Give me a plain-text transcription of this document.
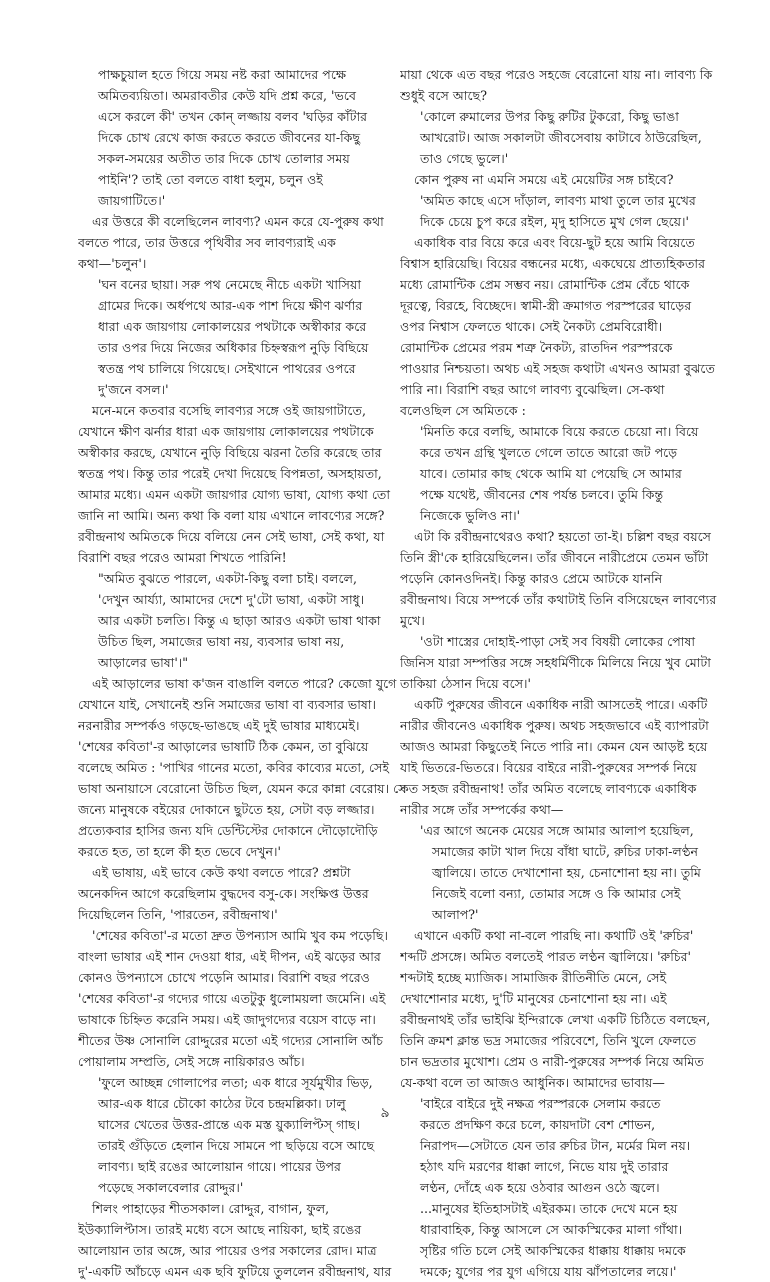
পাক্ষচুয়াল হতে গিয়ে সময় নষ্ট করা আমাদের পক্ষে
অমিতব্যয়িতা। অমরাবতীর কেউ যদি প্রশ্ন করে, 'ভবে
এসে করলে কী' তখন কোন্ লজ্জায় বলব 'ঘড়ির কাঁটার
দিকে চোখ রেখে কাজ করতে করতে জীবনের যা-কিছু
সকল-সময়ের অতীত তার দিকে চোখ তোলার সময়
পাইনি'? তাই তো বলতে বাধা হলুম, চলুন ওই
জায়গাটিতে।'
এর উত্তরে কী বলেছিলেন লাবণ্য? এমন করে যে-পুরুষ কথা
বলতে পারে, তার উত্তরে পৃথিবীর সব লাবণ্যরাই এক
কথা—'চলুন'।
'ঘন বনের ছায়া। সরু পথ নেমেছে নীচে একটা খাসিয়া
গ্রামের দিকে। অর্ধপথে আর-এক পাশ দিয়ে ক্ষীণ ঝর্ণার
ধারা এক জায়গায় লোকালয়ের পথটাকে অস্বীকার করে
তার ওপর দিয়ে নিজের অধিকার চিহ্নস্বরূপ নুড়ি বিছিয়ে
স্বতন্ত্র পথ চালিয়ে গিয়েছে। সেইখানে পাথরের ওপরে
দু'জনে বসল।'
মনে-মনে কতবার বসেছি লাবণ্যর সঙ্গে ওই জায়গাটাতে,
যেখানে ক্ষীণ ঝর্নার ধারা এক জায়গায় লোকালয়ের পথটাকে
অস্বীকার করছে, যেখানে নুড়ি বিছিয়ে ঝরনা তৈরি করেছে তার
স্বতন্ত্র পথ। কিন্তু তার পরেই দেখা দিয়েছে বিপন্নতা, অসহায়তা,
আমার মধ্যে। এমন একটা জায়গার যোগ্য ভাষা, যোগ্য কথা তো
জানি না আমি। অন্য কথা কি বলা যায় এখানে লাবণ্যের সঙ্গে?
রবীন্দ্রনাথ অমিতকে দিয়ে বলিয়ে নেন সেই ভাষা, সেই কথা, যা
বিরাশি বছর পরেও আমরা শিখতে পারিনি!
"অমিত বুঝতে পারলে, একটা-কিছু বলা চাই। বললে,
'দেখুন আর্য্যা, আমাদের দেশে দু'টো ভাষা, একটা সাধু।
আর একটা চলতি। কিন্তু এ ছাড়া আরও একটা ভাষা থাকা
উচিত ছিল, সমাজের ভাষা নয়, ব্যবসার ভাষা নয়,
আড়ালের ভাষা'।"
এই আড়ালের ভাষা ক'জন বাঙালি বলতে পারে? কেজো যুগে
যেখানে যাই, সেখানেই শুনি সমাজের ভাষা বা ব্যবসার ভাষা।
নরনারীর সম্পর্কও গড়ছে-ভাঙছে এই দুই ভাষার মাধ্যমেই।
'শেষের কবিতা'-র আড়ালের ভাষাটি ঠিক কেমন, তা বুঝিয়ে
বলেছে অমিত : 'পাখির গানের মতো, কবির কাব্যের মতো, সেই
ভাষা অনায়াসে বেরোনো উচিত ছিল, যেমন করে কান্না বেরোয়। সে
জন্যে মানুষকে বইয়ের দোকানে ছুটতে হয়, সেটা বড় লজ্জার।
প্রত্যেকবার হাসির জন্য যদি ডেন্টিস্টের দোকানে দৌড়োদৌড়ি
করতে হত, তা হলে কী হত ভেবে দেখুন।'
এই ভাষায়, এই ভাবে কেউ কথা বলতে পারে? প্রশ্নটা
অনেকদিন আগে করেছিলাম বুদ্ধদেব বসু-কে। সংক্ষিপ্ত উত্তর
দিয়েছিলেন তিনি, 'পারতেন, রবীন্দ্রনাথ।'
'শেষের কবিতা'-র মতো দ্রুত উপন্যাস আমি খুব কম পড়েছি।
বাংলা ভাষার এই শান দেওয়া ধার, এই দীপন, এই ঝড়ের আর
কোনও উপন্যাসে চোখে পড়েনি আমার। বিরাশি বছর পরেও
'শেষের কবিতা'-র গদ্যের গায়ে এতটুকু ধুলোময়লা জমেনি। এই
ভাষাকে চিহ্নিত করেনি সময়। এই জাদুগদ্যের বয়েস বাড়ে না।
শীতের উষ্ণ সোনালি রোদ্দুরের মতো এই গদ্যের সোনালি আঁচ
পোয়ালাম সম্প্রতি, সেই সঙ্গে নায়িকারও আঁচ।
'ফুলে আচ্ছন্ন গোলাপের লতা; এক ধারে সূর্যমুখীর ভিড়,
আর-এক ধারে চৌকো কাঠের টবে চন্দ্রমল্লিকা। ঢালু
ঘাসের খেতের উত্তর-প্রান্তে এক মস্ত য়ুক্যালিপ্টস্ গাছ।
তারই গুঁড়িতে হেলান দিয়ে সামনে পা ছড়িয়ে বসে আছে
লাবণ্য। ছাই রঙের আলোয়ান গায়ে। পায়ের উপর
পড়েছে সকালবেলার রোদ্দুর।'
শিলং পাহাড়ের শীতসকাল। রোদ্দুর, বাগান, ফুল,
ইউক্যালিপ্টাস। তারই মধ্যে বসে আছে নায়িকা, ছাই রঙের
আলোয়ান তার অঙ্গে, আর পায়ের ওপর সকালের রোদ। মাত্র
দু'-একটি আঁচড়ে এমন এক ছবি ফুটিয়ে তুললেন রবীন্দ্রনাথ, যার
মায়া থেকে এত বছর পরেও সহজে বেরোনো যায় না। লাবণ্য কি
শুধুই বসে আছে?
'কোলে রুমালের উপর কিছু রুটির টুকরো, কিছু ভাঙা
আখরোট। আজ সকালটা জীবসেবায় কাটাবে ঠাউরেছিল,
তাও গেছে ভুলে।'
কোন পুরুষ না এমনি সময়ে এই মেয়েটির সঙ্গ চাইবে?
'অমিত কাছে এসে দাঁড়াল, লাবণ্য মাথা তুলে তার মুখের
দিকে চেয়ে চুপ করে রইল, মৃদু হাসিতে মুখ গেল ছেয়ে।'
একাধিক বার বিয়ে করে এবং বিয়ে-ছুট হয়ে আমি বিয়েতে
বিশ্বাস হারিয়েছি। বিয়ের বন্ধনের মধ্যে, একঘেয়ে প্রাত্যহিকতার
মধ্যে রোমান্টিক প্রেম সম্ভব নয়। রোমান্টিক প্রেম বেঁচে থাকে
দূরত্বে, বিরহে, বিচ্ছেদে। স্বামী-স্ত্রী ক্রমাগত পরস্পরের ঘাড়ের
ওপর নিশ্বাস ফেলতে থাকে। সেই নৈকট্য প্রেমবিরোধী।
রোমান্টিক প্রেমের পরম শত্রু নৈকট্য, রাতদিন পরস্পরকে
পাওয়ার নিশ্চয়তা। অথচ এই সহজ কথাটা এখনও আমরা বুঝতে
পারি না। বিরাশি বছর আগে লাবণ্য বুঝেছিল। সে-কথা
বলেওছিল সে অমিতকে :
'মিনতি করে বলছি, আমাকে বিয়ে করতে চেয়ো না। বিয়ে
করে তখন গ্রন্থি খুলতে গেলে তাতে আরো জট পড়ে
যাবে। তোমার কাছ থেকে আমি যা পেয়েছি সে আমার
পক্ষে যথেষ্ট, জীবনের শেষ পর্যন্ত চলবে। তুমি কিন্তু
নিজেকে ভুলিও না।'
এটা কি রবীন্দ্রনাথেরও কথা? হয়তো তা-ই। চল্লিশ বছর বয়সে
তিনি স্ত্রী'কে হারিয়েছিলেন। তাঁর জীবনে নারীপ্রেমে তেমন ভাঁটা
পড়েনি কোনওদিনই। কিন্তু কারও প্রেমে আটকে যাননি
রবীন্দ্রনাথ। বিয়ে সম্পর্কে তাঁর কথাটাই তিনি বসিয়েছেন লাবণ্যের
মুখে।
'ওটা শাস্ত্রের দোহাই-পাড়া সেই সব বিষয়ী লোকের পোষা
জিনিস যারা সম্পত্তির সঙ্গে সহধর্মিণীকে মিলিয়ে নিয়ে খুব মোটা
তাকিয়া ঠেসান দিয়ে বসে।'
একটি পুরুষের জীবনে একাধিক নারী আসতেই পারে। একটি
নারীর জীবনেও একাধিক পুরুষ। অথচ সহজভাবে এই ব্যাপারটা
আজও আমরা কিছুতেই নিতে পারি না। কেমন যেন আড়ষ্ট হয়ে
যাই ভিতরে-ভিতরে। বিয়ের বাইরে নারী-পুরুষের সম্পর্ক নিয়ে
কত সহজ রবীন্দ্রনাথ! তাঁর অমিত বলেছে লাবণ্যকে একাধিক
নারীর সঙ্গে তাঁর সম্পর্কের কথা—
'এর আগে অনেক মেয়ের সঙ্গে আমার আলাপ হয়েছিল,
সমাজের কাটা খাল দিয়ে বাঁধা ঘাটে, রুচির ঢাকা-লণ্ঠন
জ্বালিয়ে। তাতে দেখাশোনা হয়, চেনাশোনা হয় না। তুমি
নিজেই বলো বন্যা, তোমার সঙ্গে ও কি আমার সেই
আলাপ?'
এখানে একটি কথা না-বলে পারছি না। কথাটি ওই 'রুচির'
শব্দটি প্রসঙ্গে। অমিত বলতেই পারত লণ্ঠন জ্বালিয়ে। 'রুচির'
শব্দটাই হচ্ছে ম্যাজিক। সামাজিক রীতিনীতি মেনে, সেই
দেখাশোনার মধ্যে, দু'টি মানুষের চেনাশোনা হয় না। এই
রবীন্দ্রনাথই তাঁর ভাইঝি ইন্দিরাকে লেখা একটি চিঠিতে বলছেন,
তিনি ক্রমশ ক্লান্ত ভদ্র সমাজের পরিবেশে, তিনি খুলে ফেলতে
চান ভদ্রতার মুখোশ। প্রেম ও নারী-পুরুষের সম্পর্ক নিয়ে অমিত
যে-কথা বলে তা আজও আধুনিক। আমাদের ভাবায়—
'বাইরে বাইরে দুই নক্ষত্র পরস্পরকে সেলাম করতে
করতে প্রদক্ষিণ করে চলে, কায়দাটা বেশ শোভন,
নিরাপদ—সেটাতে যেন তার রুচির টান, মর্মের মিল নয়।
হঠাৎ যদি মরণের ধাক্কা লাগে, নিভে যায় দুই তারার
লণ্ঠন, দোঁহে এক হয়ে ওঠবার আগুন ওঠে জ্বলে।
...মানুষের ইতিহাসটাই এইরকম। তাকে দেখে মনে হয়
ধারাবাহিক, কিন্তু আসলে সে আকস্মিকের মালা গাঁথা।
সৃষ্টির গতি চলে সেই আকস্মিকের ধাক্কায় ধাক্কায় দমকে
দমকে; যুগের পর যুগ এগিয়ে যায় ঝাঁপতালের লয়ে।'
৯
